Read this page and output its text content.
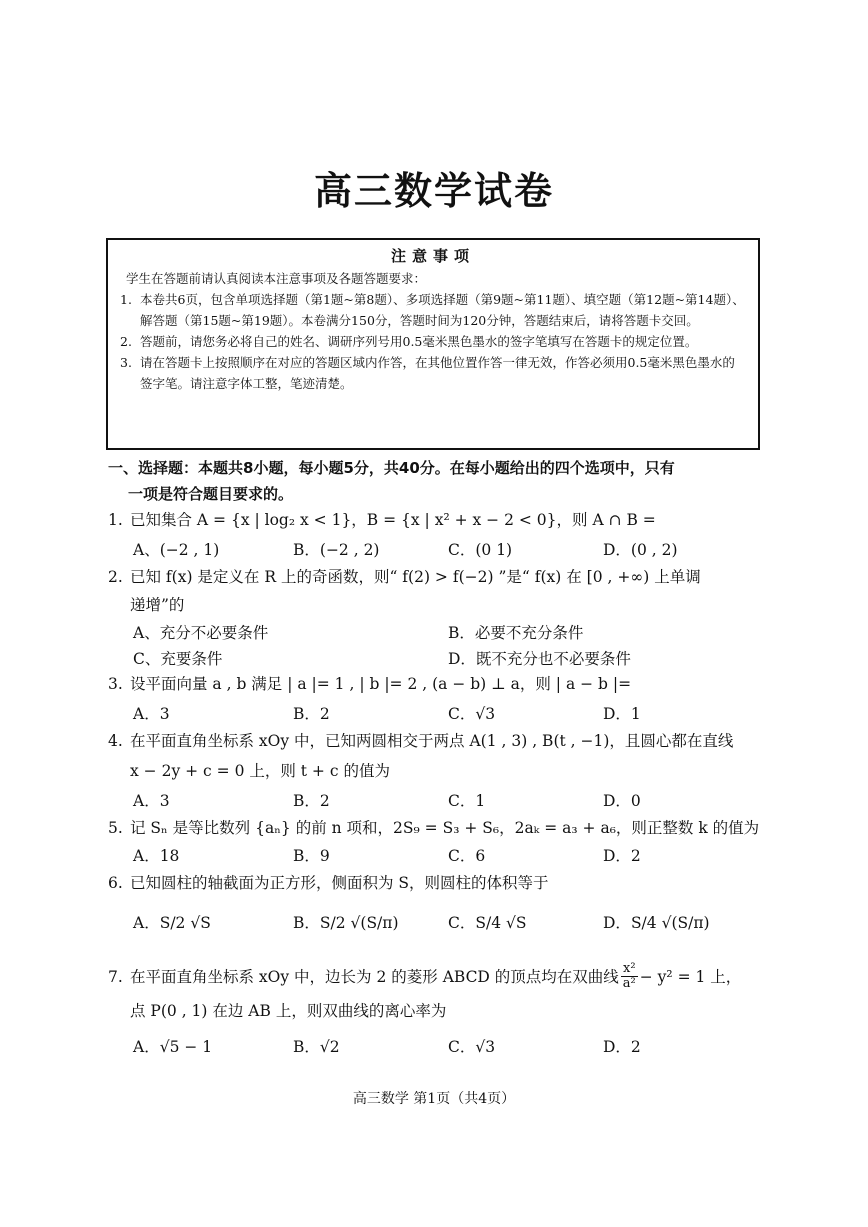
高三数学试卷
注意事项
学生在答题前请认真阅读本注意事项及各题答题要求：
1. 本卷共6页，包含单项选择题（第1题~第8题）、多项选择题（第9题~第11题）、填空题（第12题~第14题）、解答题（第15题~第19题）。本卷满分150分，答题时间为120分钟，答题结束后，请将答题卡交回。
2. 答题前，请您务必将自己的姓名、调研序列号用0.5毫米黑色墨水的签字笔填写在答题卡的规定位置。
3. 请在答题卡上按照顺序在对应的答题区域内作答，在其他位置作答一律无效，作答必须用0.5毫米黑色墨水的签字笔。请注意字体工整，笔迹清楚。
一、选择题：本题共8小题，每小题5分，共40分。在每小题给出的四个选项中，只有
一项是符合题目要求的。
1. 已知集合 A = {x | log₂ x < 1}，B = {x | x² + x − 2 < 0}，则 A ∩ B =
A、(−2 , 1)	B．(−2 , 2)	C．(0 1)	D．(0 , 2)
2. 已知 f(x) 是定义在 R 上的奇函数，则“ f(2) > f(−2) ”是“ f(x) 在 [0 , +∞) 上单调
递增”的
A、充分不必要条件	B．必要不充分条件
C、充要条件	D．既不充分也不必要条件
3. 设平面向量 a , b 满足 | a |= 1 , | b |= 2 , (a − b) ⊥ a，则 | a − b |=
A．3	B．2	C．√3	D．1
4. 在平面直角坐标系 xOy 中，已知两圆相交于两点 A(1 , 3) , B(t , −1)，且圆心都在直线
x − 2y + c = 0 上，则 t + c 的值为
A．3	B．2	C．1	D．0
5. 记 Sₙ 是等比数列 {aₙ} 的前 n 项和，2S₉ = S₃ + S₆，2aₖ = a₃ + a₆，则正整数 k 的值为
A．18	B．9	C．6	D．2
6. 已知圆柱的轴截面为正方形，侧面积为 S，则圆柱的体积等于
A．S/2 √S	B．S/2 √(S/π)	C．S/4 √S	D．S/4 √(S/π)
7. 在平面直角坐标系 xOy 中，边长为 2 的菱形 ABCD 的顶点均在双曲线 $\frac{\text{x²}}{\text{a²}} - y^2 = 1$ 上，
点 P(0 , 1) 在边 AB 上，则双曲线的离心率为
A．√5 − 1	B．√2	C．√3	D．2
高三数学 第1页（共4页）
